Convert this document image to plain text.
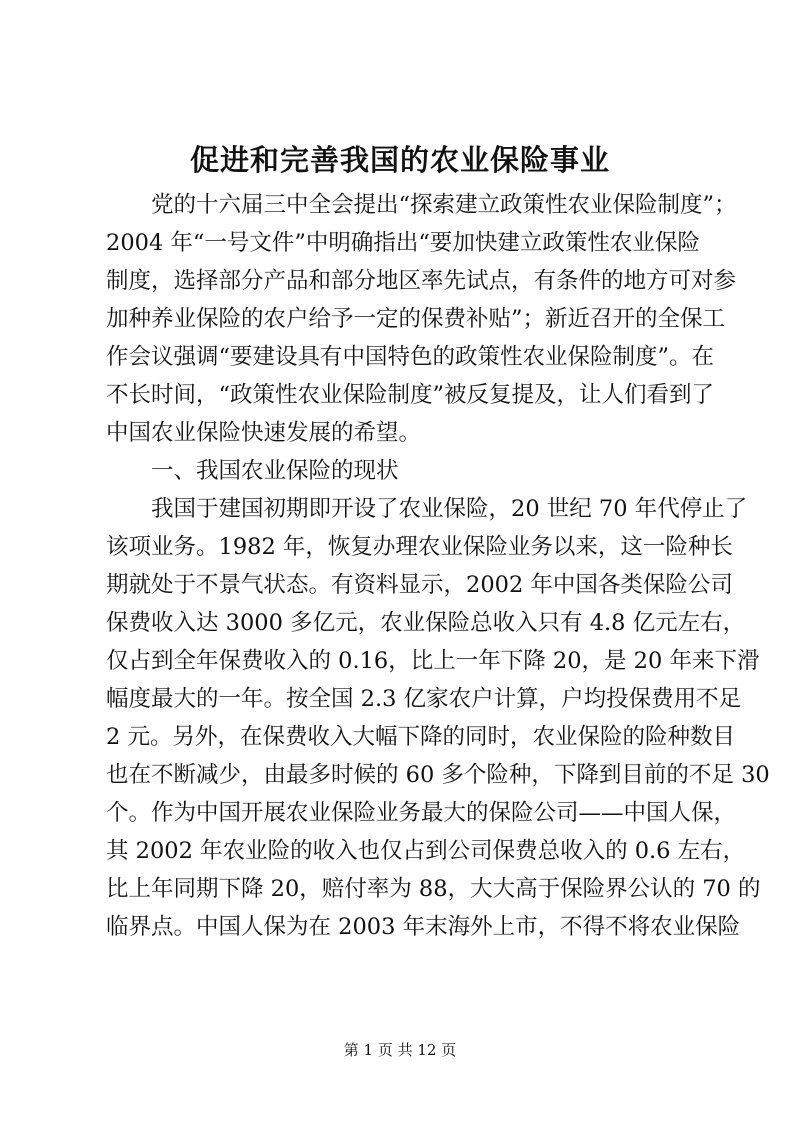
促进和完善我国的农业保险事业
党的十六届三中全会提出“探索建立政策性农业保险制度”；
2004 年“一号文件”中明确指出“要加快建立政策性农业保险
制度，选择部分产品和部分地区率先试点，有条件的地方可对参
加种养业保险的农户给予一定的保费补贴”；新近召开的全保工
作会议强调“要建设具有中国特色的政策性农业保险制度”。在
不长时间，“政策性农业保险制度”被反复提及，让人们看到了
中国农业保险快速发展的希望。
一、我国农业保险的现状
我国于建国初期即开设了农业保险，20 世纪 70 年代停止了
该项业务。1982 年，恢复办理农业保险业务以来，这一险种长
期就处于不景气状态。有资料显示，2002 年中国各类保险公司
保费收入达 3000 多亿元，农业保险总收入只有 4.8 亿元左右，
仅占到全年保费收入的 0.16，比上一年下降 20，是 20 年来下滑
幅度最大的一年。按全国 2.3 亿家农户计算，户均投保费用不足
2 元。另外，在保费收入大幅下降的同时，农业保险的险种数目
也在不断减少，由最多时候的 60 多个险种，下降到目前的不足 30
个。作为中国开展农业保险业务最大的保险公司——中国人保，
其 2002 年农业险的收入也仅占到公司保费总收入的 0.6 左右，
比上年同期下降 20，赔付率为 88，大大高于保险界公认的 70 的
临界点。中国人保为在 2003 年末海外上市，不得不将农业保险
第 1 页 共 12 页
